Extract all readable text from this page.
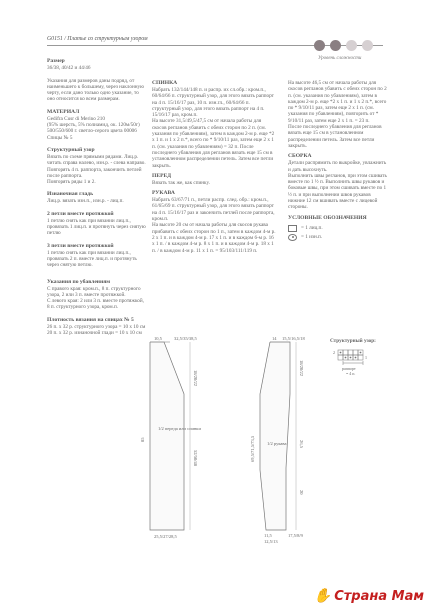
G0151 / Платье со структурным узором
Уровень сложности
Размер
36/38, 40/42 и 44/46

Указания для размеров даны подряд, от наименьшего к большему, через наклонную черту, если дано только одно указание, то оно относится ко всем размерам.
МАТЕРИАЛ
Gedifra Cusr di Merino 210
(95% шерсть, 5% полиамид, ок. 120м/50г) 500/550/600 г. светло-серого цвета 00006
Спицы № 5
Структурный узор
Вязать по схеме прямыми рядами. Лиц.р. читать справа налево, изн.р. - слева направо.
Повторять 4 п. раппорта, закончить петлей после раппорта.
Повторять ряды 1 и 2.
Изнаночная гладь
Лиц.р. вязать изн.п., изн.р. - лиц.п.
2 петли вместе протяжкой
1 петлю снять как при вязании лиц.п., провязать 1 лиц.п. и протянуть через снятую петлю
3 петли вместе протяжкой
1 петлю снять как при вязании лиц.п., провязать 2 п. вместе лиц.п. и протянуть через снятую петлю.
Указания по убавлениям
С правого края: кром.п., 8 п. структурного узора, 2 или 3 п. вместе протяжкой.
С левого края: 2 или 3 п. вместе протяжкой, 8 п. структурного узора, кром.п.
Плотность вязания на спицах № 5
26 п. x 32 р. структурного узора = 10 x 10 см
20 п. x 32 р. изнаночной глади = 10 x 10 см
СПИНКА
Набрать 132/144/148 п. и распр. их сл.обр.: кром.п., 60/64/66 п. структурный узор, для этого вязать раппорт на 4 п. 15/16/17 раз, 10 п. изн.гл., 60/64/66 п. структурный узор, для этого вязать раппорт на 4 п. 15/16/17 раз, кром.п.
На высоте 31,5/49,5/47,5 см от начала работы для скосов регланов убавить с обеих сторон по 2 п. (см. указания по убавлениям), затем в каждом 2-м р. еще *2 x 1 п. и 1 x 2 п.*, всего по * 9/10/11 раз, затем еще 2 x 1 п. (см. указания по убавлениям) = 32 п. После последнего убавления для регланов вязать еще 15 см в установленном распределении петель. Затем все петли закрыть.
ПЕРЕД
Вязать так же, как спинку.
РУКАВА
Набрать 63/67/71 п., петли распр. след. обр.: кром.п., 61/65/69 п. структурный узор, для этого вязать раппорт на 4 п. 15/16/17 раз и закончить петлей после раппорта, кром.п.
На высоте 20 см от начала работы для скосов рукава прибавить с обеих сторон по 1 п., затем в каждом 4-м р. 2 x 1 п. и в каждом 4-м р. 17 x 1 п. и в каждом 6-м р. 16 x 1 п. / в каждом 4-м р. 8 x 1 п. и в каждом 4-м р. 18 x 1 п. / в каждом 4-м р. 11 x 1 п. = 95/103/111/119 п.
На высоте 46,5 см от начала работы для скосов регланов убавить с обеих сторон по 2 п. (см. указания по убавлениям), затем в каждом 2-м р. еще *2 x 1 п. и 1 x 2 п.*, всего по * 9/10/11 раз, затем еще 2 x 1 п. (см. указания по убавлениям), повторить от * 9/10/11 раз, затем еще 2 x 1 п. = 23 п.
После последнего убавления для регланов вязать еще 15 см в установленном распределении петель. Затем все петли закрыть.
СБОРКА
Детали распрямить по выкройке, увлажнить и дать высохнуть.
Выполнить швы регланов, при этом сшивать вместе по 1 ½ п. Выполнить швы рукавов и боковые швы, при этом сшивать вместе по 1 ½ п. и при выполнении швов рукавов нижние 12 см вшивать вместе с лицевой стороны.
УСЛОВНЫЕ ОБОЗНАЧЕНИЯ
= 1 лиц.п.
= 1 изн.п.
Структурный узор:
2
1
раппорт
= 4 п.
10,5	32,5/35/38,5
25,5/27/28,5
85
18/20/22
52/50/48
1/2 переда или спинки
14 15,5/16,5/18
18/20/22
69,5/71,5/73,5	26,5
20
1/2 рукава
11,5
12,5/13
17,5/8/9
✋ Страна Мам
